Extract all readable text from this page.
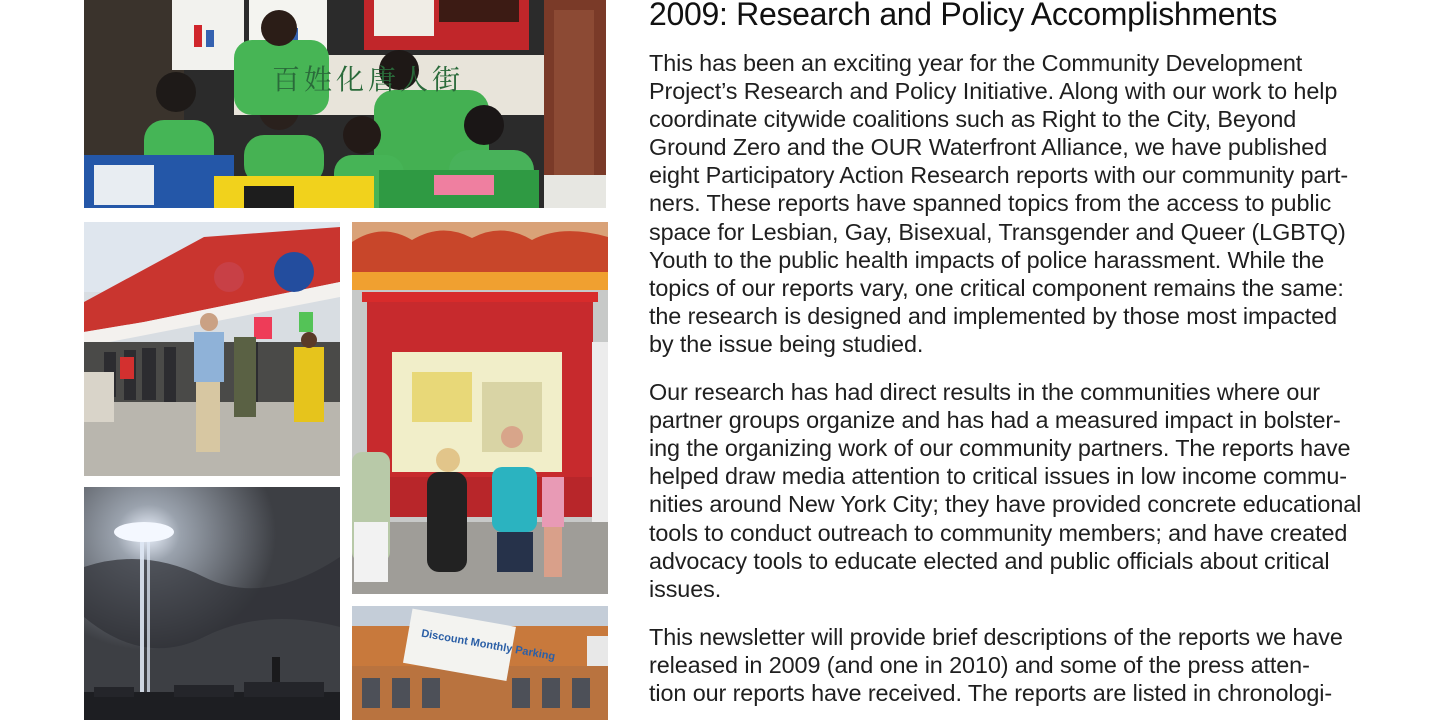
Discount Monthly Parking
2009: Research and Policy Accomplishments

This has been an exciting year for the Community Development
Project’s Research and Policy Initiative. Along with our work to help
coordinate citywide coalitions such as Right to the City, Beyond
Ground Zero and the OUR Waterfront Alliance, we have published
eight Participatory Action Research reports with our community part-
ners. These reports have spanned topics from the access to public
space for Lesbian, Gay, Bisexual, Transgender and Queer (LGBTQ)
Youth to the public health impacts of police harassment. While the
topics of our reports vary, one critical component remains the same:
the research is designed and implemented by those most impacted
by the issue being studied.

Our research has had direct results in the communities where our
partner groups organize and has had a measured impact in bolster-
ing the organizing work of our community partners. The reports have
helped draw media attention to critical issues in low income commu-
nities around New York City; they have provided concrete educational
tools to conduct outreach to community members; and have created
advocacy tools to educate elected and public officials about critical
issues.

This newsletter will provide brief descriptions of the reports we have
released in 2009 (and one in 2010) and some of the press atten-
tion our reports have received. The reports are listed in chronologi-

百姓化唐人街
